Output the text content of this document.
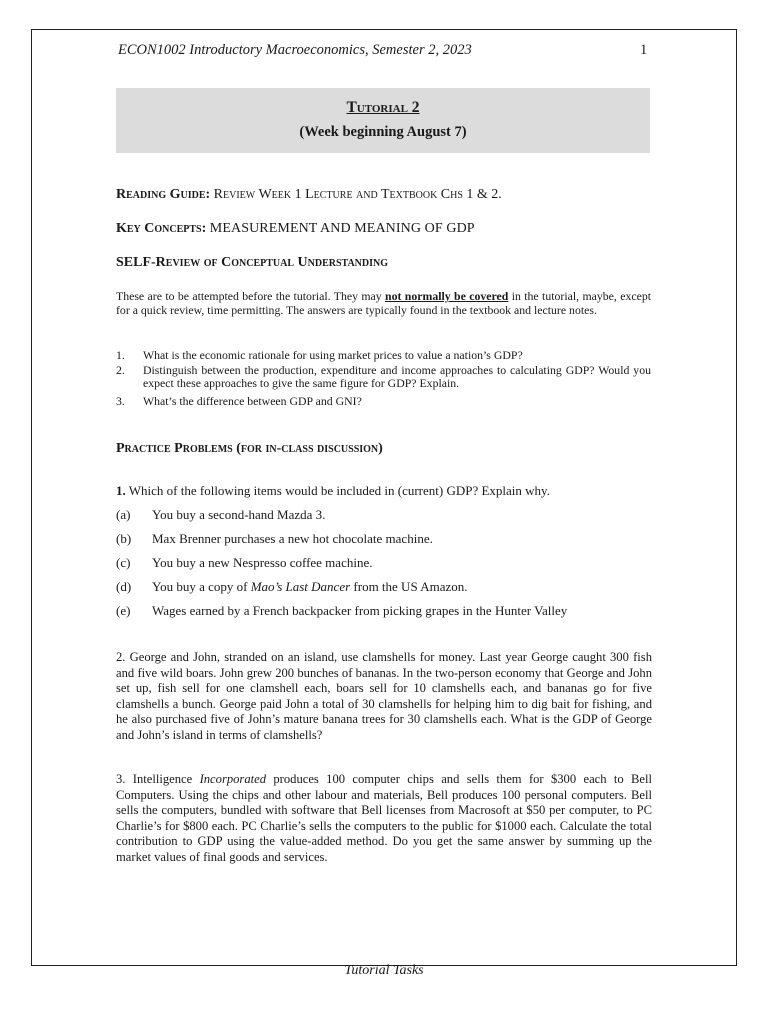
ECON1002 Introductory Macroeconomics, Semester 2, 2023	1
Tutorial 2
(Week beginning August 7)
Reading Guide: Review Week 1 Lecture and Textbook Chs 1 & 2.
Key Concepts: MEASUREMENT AND MEANING OF GDP
SELF-Review of Conceptual Understanding
These are to be attempted before the tutorial. They may not normally be covered in the tutorial, maybe, except for a quick review, time permitting. The answers are typically found in the textbook and lecture notes.
1. What is the economic rationale for using market prices to value a nation’s GDP?
2. Distinguish between the production, expenditure and income approaches to calculating GDP? Would you expect these approaches to give the same figure for GDP? Explain.
3. What’s the difference between GDP and GNI?
Practice Problems (for in-class discussion)
1. Which of the following items would be included in (current) GDP? Explain why.
(a) You buy a second-hand Mazda 3.
(b) Max Brenner purchases a new hot chocolate machine.
(c) You buy a new Nespresso coffee machine.
(d) You buy a copy of Mao’s Last Dancer from the US Amazon.
(e) Wages earned by a French backpacker from picking grapes in the Hunter Valley
2. George and John, stranded on an island, use clamshells for money. Last year George caught 300 fish and five wild boars. John grew 200 bunches of bananas. In the two-person economy that George and John set up, fish sell for one clamshell each, boars sell for 10 clamshells each, and bananas go for five clamshells a bunch. George paid John a total of 30 clamshells for helping him to dig bait for fishing, and he also purchased five of John’s mature banana trees for 30 clamshells each. What is the GDP of George and John’s island in terms of clamshells?
3. Intelligence Incorporated produces 100 computer chips and sells them for $300 each to Bell Computers. Using the chips and other labour and materials, Bell produces 100 personal computers. Bell sells the computers, bundled with software that Bell licenses from Macrosoft at $50 per computer, to PC Charlie’s for $800 each. PC Charlie’s sells the computers to the public for $1000 each. Calculate the total contribution to GDP using the value-added method. Do you get the same answer by summing up the market values of final goods and services.
Tutorial Tasks
